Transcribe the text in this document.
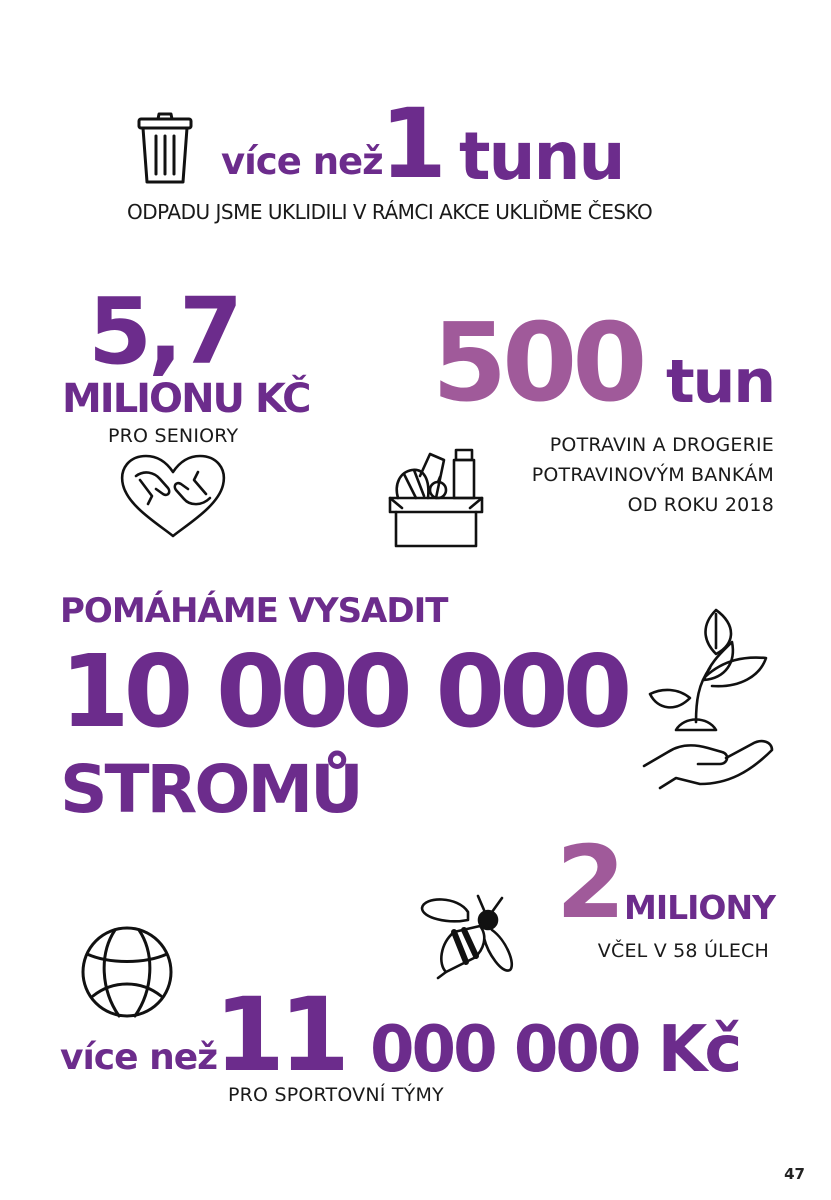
více než
1 tunu
ODPADU JSME UKLIDILI V RÁMCI AKCE UKLIĎME ČESKO
5,7
MILIONU KČ
PRO SENIORY
500 tun
POTRAVIN A DROGERIE
POTRAVINOVÝM BANKÁM
OD ROKU 2018
POMÁHÁME VYSADIT
10 000 000
STROMŮ
2 MILIONY
VČEL V 58 ÚLECH
více než
11 000 000 Kč
PRO SPORTOVNÍ TÝMY
47
